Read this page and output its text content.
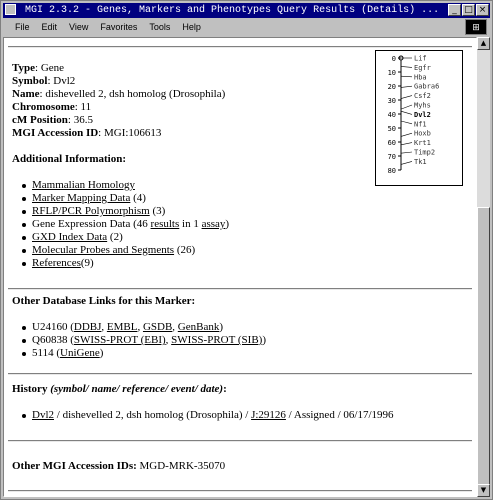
MGI 2.3.2 - Genes, Markers and Phenotypes Query Results (Details) ...	_ □ ×
File Edit View Favorites Tools Help	⊞
Type: Gene
Symbol: Dvl2
Name: dishevelled 2, dsh homolog (Drosophila)
Chromosome: 11
cM Position: 36.5
MGI Accession ID: MGI:106613
Additional Information:
Mammalian Homology
Marker Mapping Data (4)
RFLP/PCR Polymorphism (3)
Gene Expression Data (46 results in 1 assay)
GXD Index Data (2)
Molecular Probes and Segments (26)
References(9)
Other Database Links for this Marker:
U24160 (DDBJ, EMBL, GSDB, GenBank)
Q60838 (SWISS-PROT (EBI), SWISS-PROT (SIB))
5114 (UniGene)
History (symbol/ name/ reference/ event/ date):
Dvl2 / dishevelled 2, dsh homolog (Drosophila) / J:29126 / Assigned / 06/17/1996
Other MGI Accession IDs: MGD-MRK-35070
0
10
20
30
40
50
60
70
80
Lif
Egfr
Hba
Gabra6
Csf2
Myhs
Dvl2
Nf1
Hoxb
Krt1
Timp2
Tk1
▲
▼
